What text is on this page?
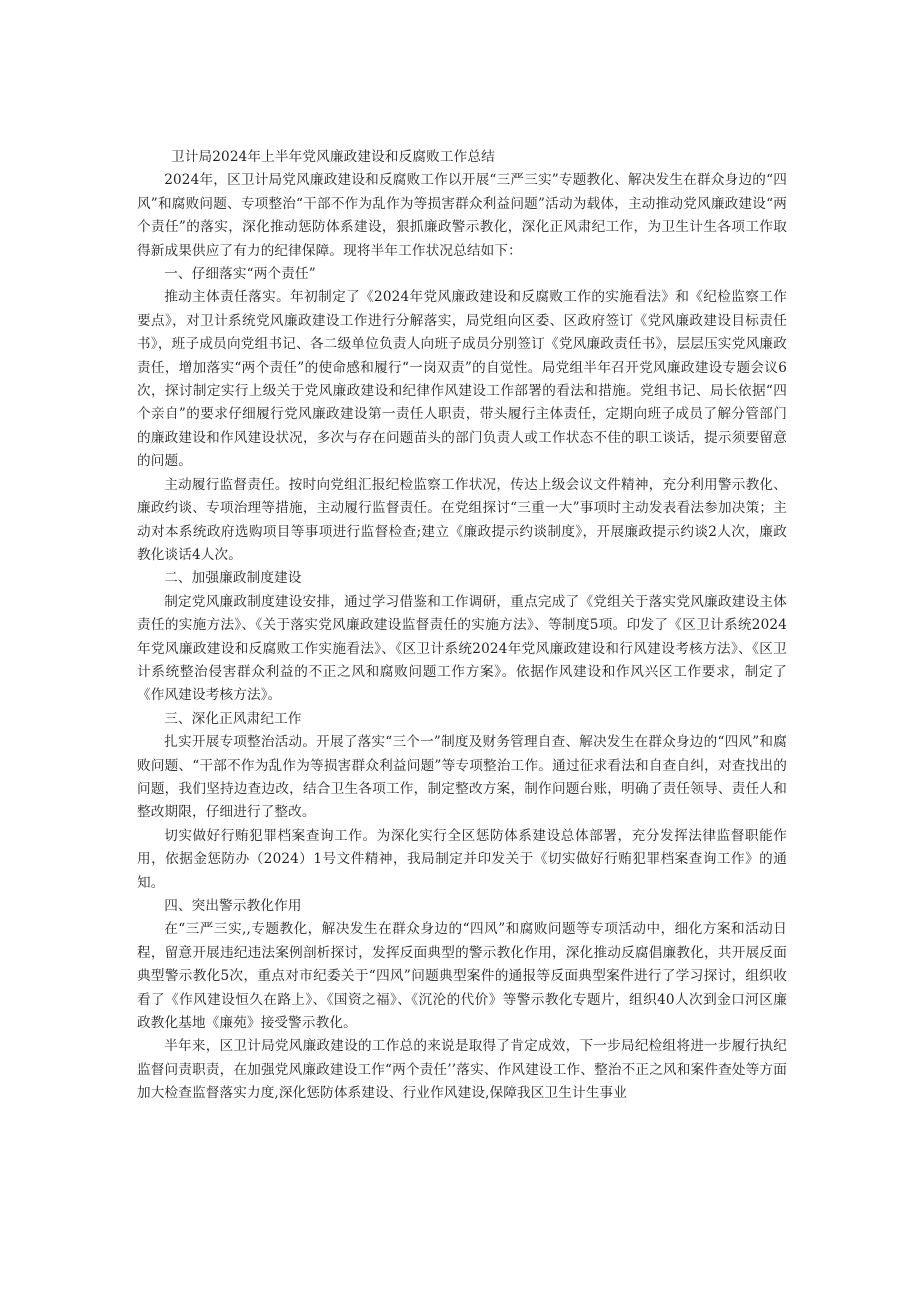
卫计局2024年上半年党风廉政建设和反腐败工作总结

2024年，区卫计局党风廉政建设和反腐败工作以开展“三严三实”专题教化、解决发生在群众身边的“四风”和腐败问题、专项整治“干部不作为乱作为等损害群众利益问题”活动为载体，主动推动党风廉政建设“两个责任”的落实，深化推动惩防体系建设，狠抓廉政警示教化，深化正风肃纪工作，为卫生计生各项工作取得新成果供应了有力的纪律保障。现将半年工作状况总结如下：

一、仔细落实“两个责任”

推动主体责任落实。年初制定了《2024年党风廉政建设和反腐败工作的实施看法》和《纪检监察工作要点》，对卫计系统党风廉政建设工作进行分解落实，局党组向区委、区政府签订《党风廉政建设目标责任书》，班子成员向党组书记、各二级单位负责人向班子成员分别签订《党风廉政责任书》，层层压实党风廉政责任，增加落实“两个责任”的使命感和履行“一岗双责”的自觉性。局党组半年召开党风廉政建设专题会议6次，探讨制定实行上级关于党风廉政建设和纪律作风建设工作部署的看法和措施。党组书记、局长依据“四个亲自”的要求仔细履行党风廉政建设第一责任人职责，带头履行主体责任，定期向班子成员了解分管部门的廉政建设和作风建设状况，多次与存在问题苗头的部门负责人或工作状态不佳的职工谈话，提示须要留意的问题。

主动履行监督责任。按时向党组汇报纪检监察工作状况，传达上级会议文件精神，充分利用警示教化、廉政约谈、专项治理等措施，主动履行监督责任。在党组探讨“三重一大”事项时主动发表看法参加决策；主动对本系统政府选购项目等事项进行监督检查;建立《廉政提示约谈制度》，开展廉政提示约谈2人次，廉政教化谈话4人次。

二、加强廉政制度建设

制定党风廉政制度建设安排，通过学习借鉴和工作调研，重点完成了《党组关于落实党风廉政建设主体责任的实施方法》、《关于落实党风廉政建设监督责任的实施方法》、等制度5项。印发了《区卫计系统2024年党风廉政建设和反腐败工作实施看法》、《区卫计系统2024年党风廉政建设和行风建设考核方法》、《区卫计系统整治侵害群众利益的不正之风和腐败问题工作方案》。依据作风建设和作风兴区工作要求，制定了《作风建设考核方法》。

三、深化正风肃纪工作

扎实开展专项整治活动。开展了落实“三个一”制度及财务管理自查、解决发生在群众身边的“四风”和腐败问题、“干部不作为乱作为等损害群众利益问题”等专项整治工作。通过征求看法和自查自纠，对查找出的问题，我们坚持边查边改，结合卫生各项工作，制定整改方案，制作问题台账，明确了责任领导、责任人和整改期限，仔细进行了整改。

切实做好行贿犯罪档案查询工作。为深化实行全区惩防体系建设总体部署，充分发挥法律监督职能作用，依据金惩防办（2024）1号文件精神，我局制定并印发关于《切实做好行贿犯罪档案查询工作》的通知。

四、突出警示教化作用

在“三严三实,,专题教化，解决发生在群众身边的“四风”和腐败问题等专项活动中，细化方案和活动日程，留意开展违纪违法案例剖析探讨，发挥反面典型的警示教化作用，深化推动反腐倡廉教化，共开展反面典型警示教化5次，重点对市纪委关于“四风”问题典型案件的通报等反面典型案件进行了学习探讨，组织收看了《作风建设恒久在路上》、《国资之福》、《沉沦的代价》等警示教化专题片，组织40人次到金口河区廉政教化基地《廉苑》接受警示教化。

半年来，区卫计局党风廉政建设的工作总的来说是取得了肯定成效，下一步局纪检组将进一步履行执纪监督问责职责，在加强党风廉政建设工作“两个责任’’落实、作风建设工作、整治不正之风和案件查处等方面加大检查监督落实力度,深化惩防体系建设、行业作风建设,保障我区卫生计生事业
